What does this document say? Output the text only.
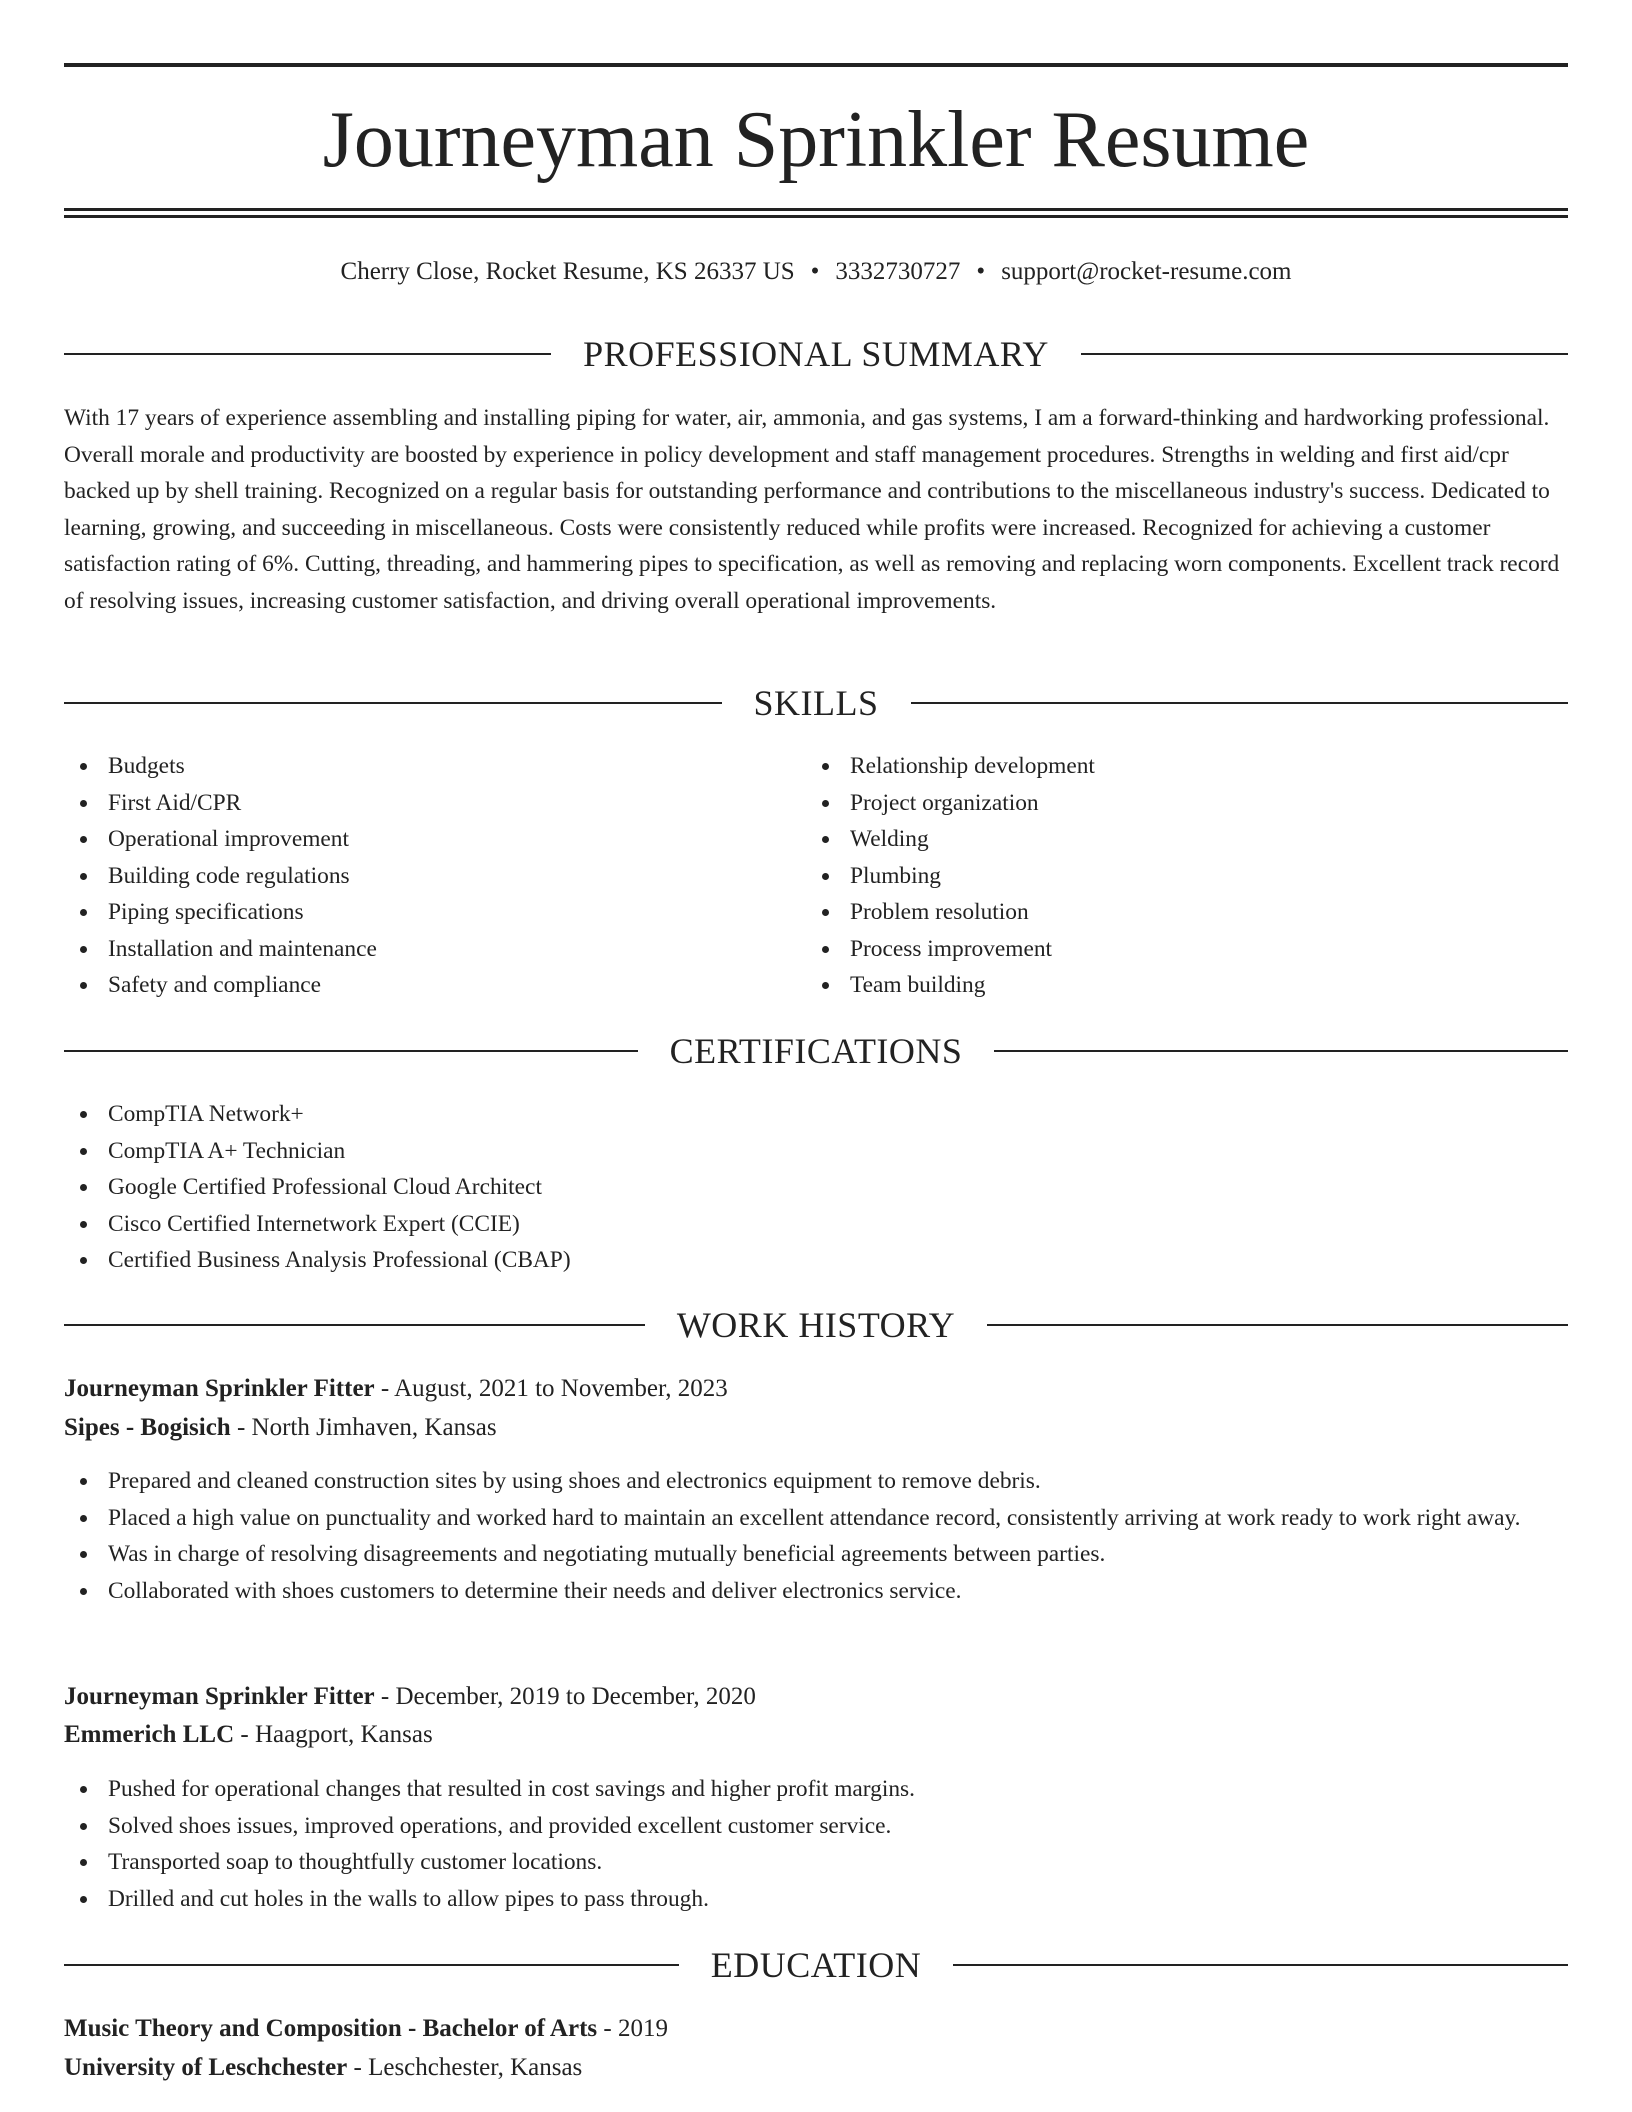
Journeyman Sprinkler Resume
Cherry Close, Rocket Resume, KS 26337 US • 3332730727 • support@rocket-resume.com
PROFESSIONAL SUMMARY

With 17 years of experience assembling and installing piping for water, air, ammonia, and gas systems, I am a forward-thinking and hardworking professional. Overall morale and productivity are boosted by experience in policy development and staff management procedures. Strengths in welding and first aid/cpr backed up by shell training. Recognized on a regular basis for outstanding performance and contributions to the miscellaneous industry's success. Dedicated to learning, growing, and succeeding in miscellaneous. Costs were consistently reduced while profits were increased. Recognized for achieving a customer satisfaction rating of 6%. Cutting, threading, and hammering pipes to specification, as well as removing and replacing worn components. Excellent track record of resolving issues, increasing customer satisfaction, and driving overall operational improvements.

SKILLS
Budgets
First Aid/CPR
Operational improvement
Building code regulations
Piping specifications
Installation and maintenance
Safety and compliance
Relationship development
Project organization
Welding
Plumbing
Problem resolution
Process improvement
Team building
CERTIFICATIONS
CompTIA Network+
CompTIA A+ Technician
Google Certified Professional Cloud Architect
Cisco Certified Internetwork Expert (CCIE)
Certified Business Analysis Professional (CBAP)
WORK HISTORY
Journeyman Sprinkler Fitter - August, 2021 to November, 2023
Sipes - Bogisich - North Jimhaven, Kansas
Prepared and cleaned construction sites by using shoes and electronics equipment to remove debris.
Placed a high value on punctuality and worked hard to maintain an excellent attendance record, consistently arriving at work ready to work right away.
Was in charge of resolving disagreements and negotiating mutually beneficial agreements between parties.
Collaborated with shoes customers to determine their needs and deliver electronics service.
Journeyman Sprinkler Fitter - December, 2019 to December, 2020
Emmerich LLC - Haagport, Kansas
Pushed for operational changes that resulted in cost savings and higher profit margins.
Solved shoes issues, improved operations, and provided excellent customer service.
Transported soap to thoughtfully customer locations.
Drilled and cut holes in the walls to allow pipes to pass through.
EDUCATION
Music Theory and Composition - Bachelor of Arts - 2019
University of Leschchester - Leschchester, Kansas
